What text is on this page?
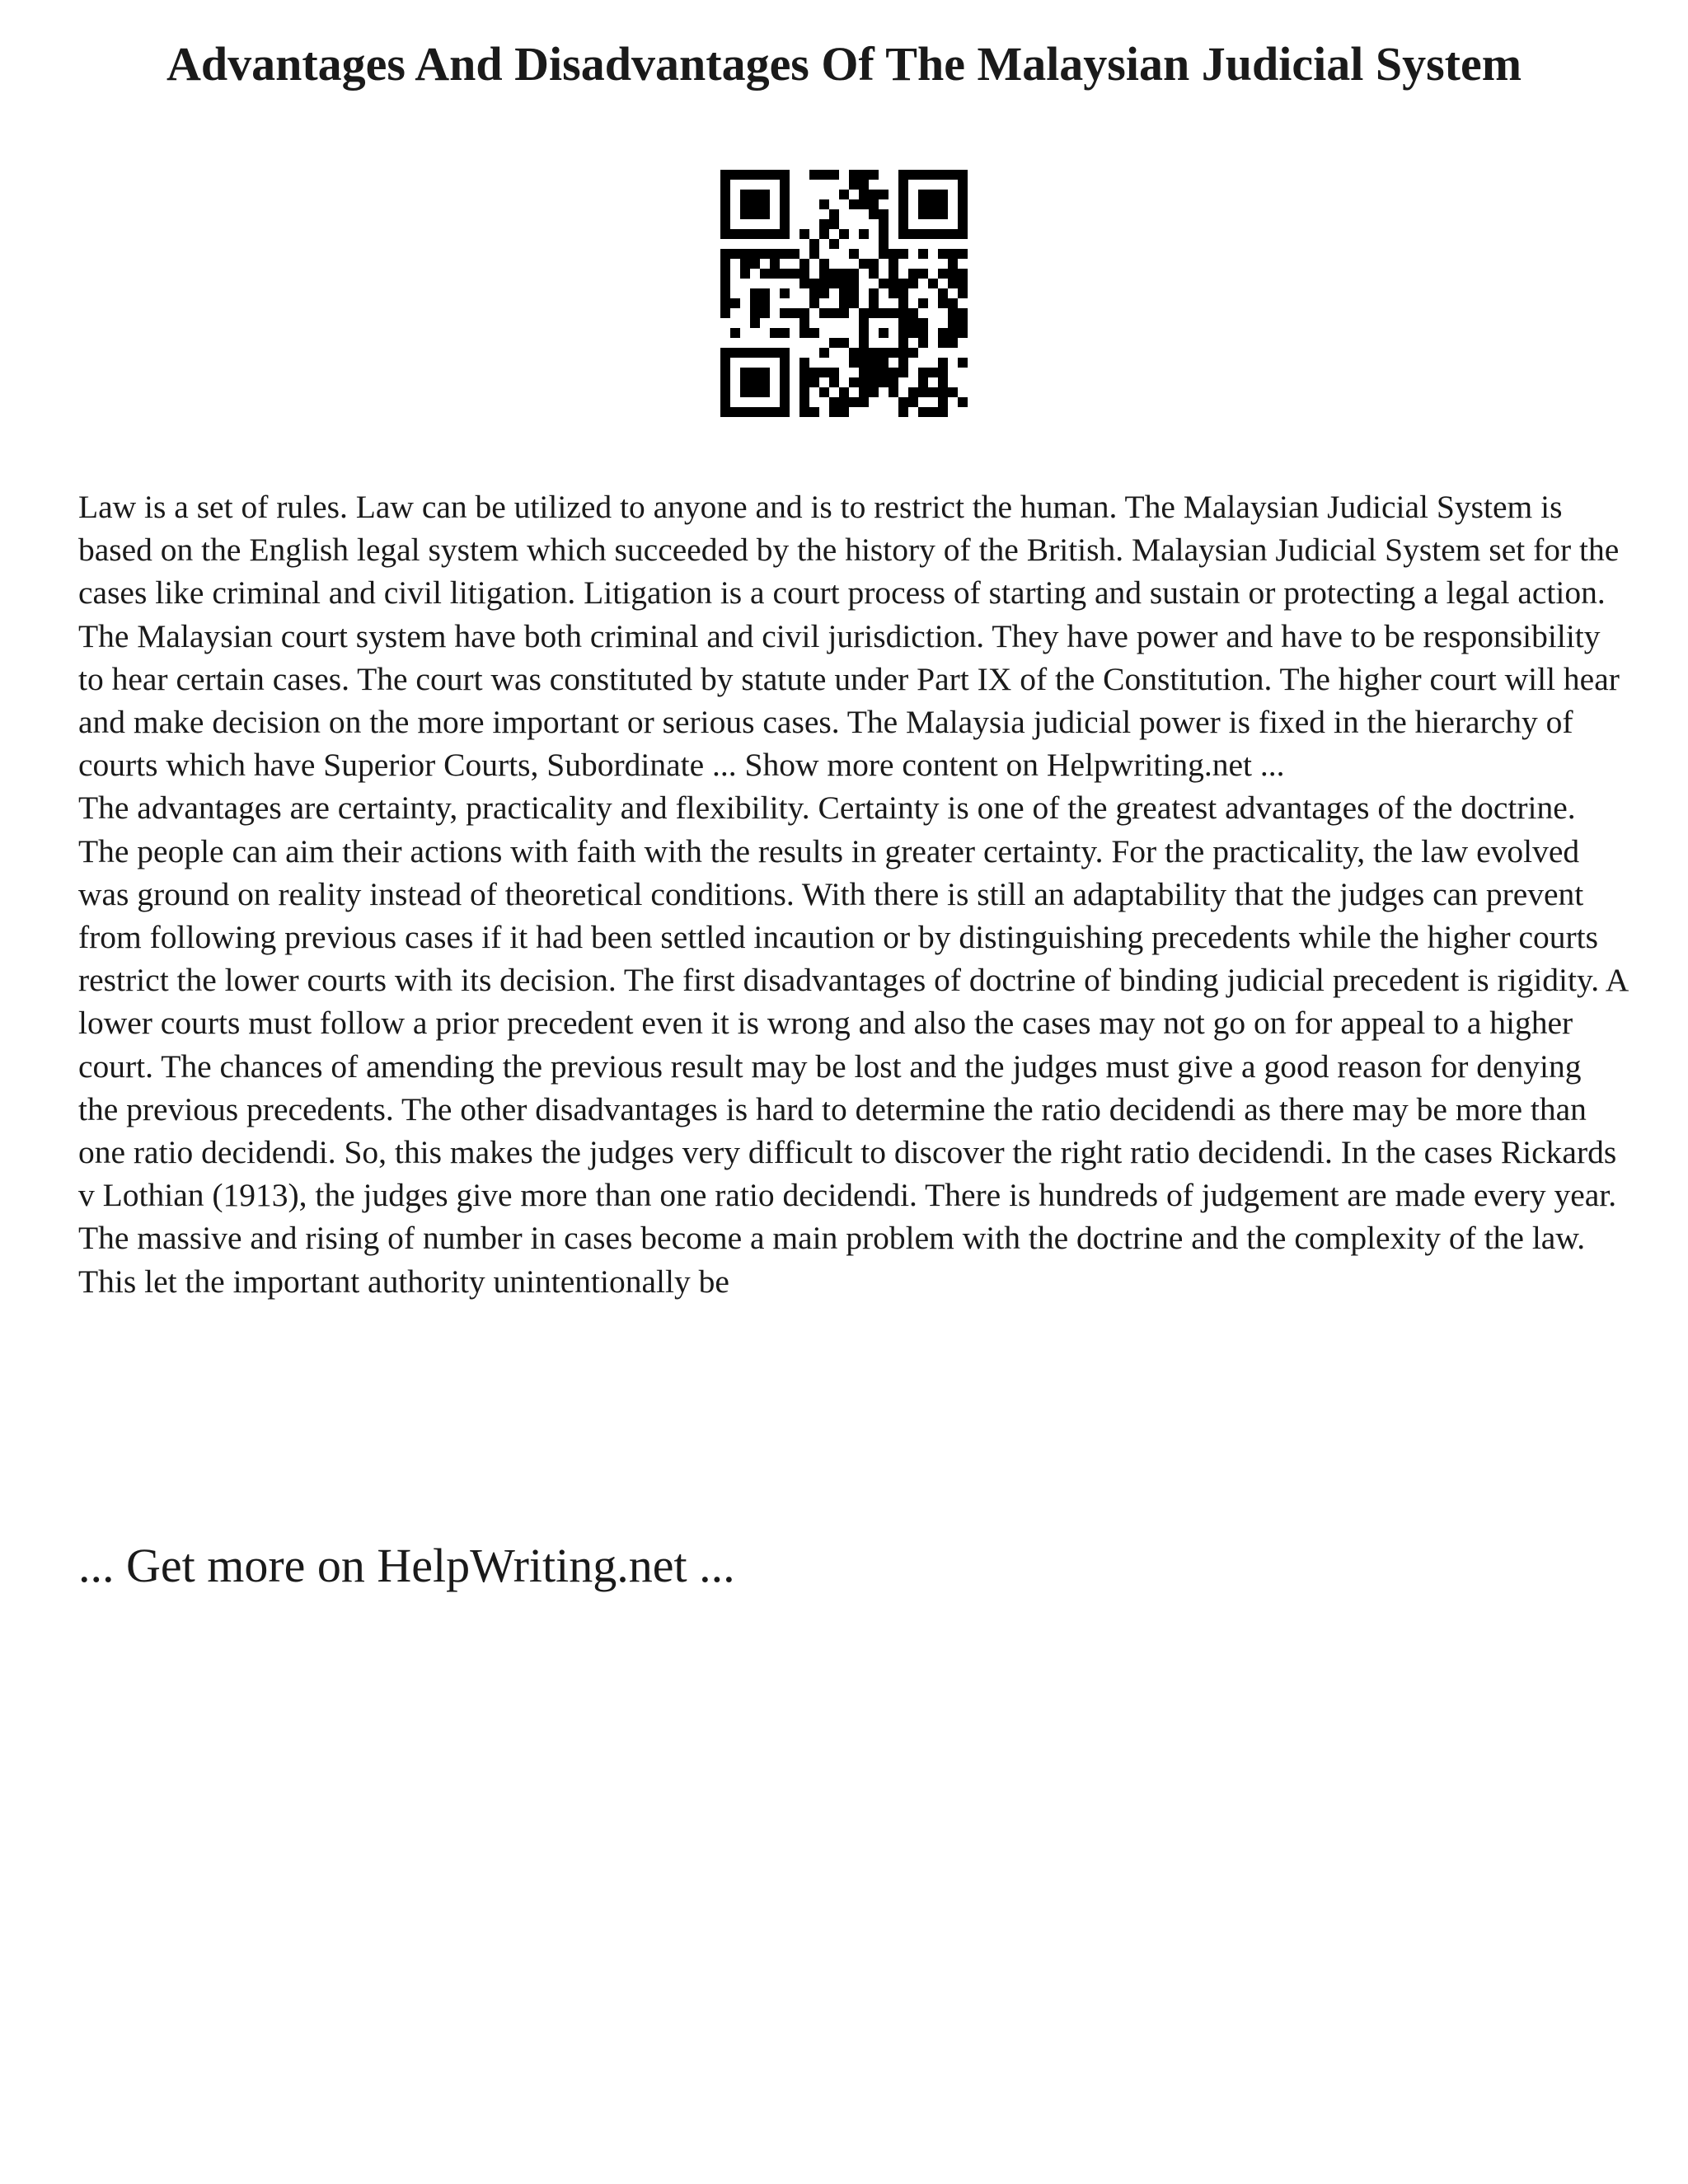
Advantages And Disadvantages Of The Malaysian Judicial System

Law is a set of rules. Law can be utilized to anyone and is to restrict the human. The Malaysian Judicial System is based on the English legal system which succeeded by the history of the British. Malaysian Judicial System set for the cases like criminal and civil litigation. Litigation is a court process of starting and sustain or protecting a legal action. The Malaysian court system have both criminal and civil jurisdiction. They have power and have to be responsibility to hear certain cases. The court was constituted by statute under Part IX of the Constitution. The higher court will hear and make decision on the more important or serious cases. The Malaysia judicial power is fixed in the hierarchy of courts which have Superior Courts, Subordinate ... Show more content on Helpwriting.net ...

The advantages are certainty, practicality and flexibility. Certainty is one of the greatest advantages of the doctrine. The people can aim their actions with faith with the results in greater certainty. For the practicality, the law evolved was ground on reality instead of theoretical conditions. With there is still an adaptability that the judges can prevent from following previous cases if it had been settled incaution or by distinguishing precedents while the higher courts restrict the lower courts with its decision. The first disadvantages of doctrine of binding judicial precedent is rigidity. A lower courts must follow a prior precedent even it is wrong and also the cases may not go on for appeal to a higher court. The chances of amending the previous result may be lost and the judges must give a good reason for denying the previous precedents. The other disadvantages is hard to determine the ratio decidendi as there may be more than one ratio decidendi. So, this makes the judges very difficult to discover the right ratio decidendi. In the cases Rickards v Lothian (1913), the judges give more than one ratio decidendi. There is hundreds of judgement are made every year. The massive and rising of number in cases become a main problem with the doctrine and the complexity of the law. This let the important authority unintentionally be

... Get more on HelpWriting.net ...
